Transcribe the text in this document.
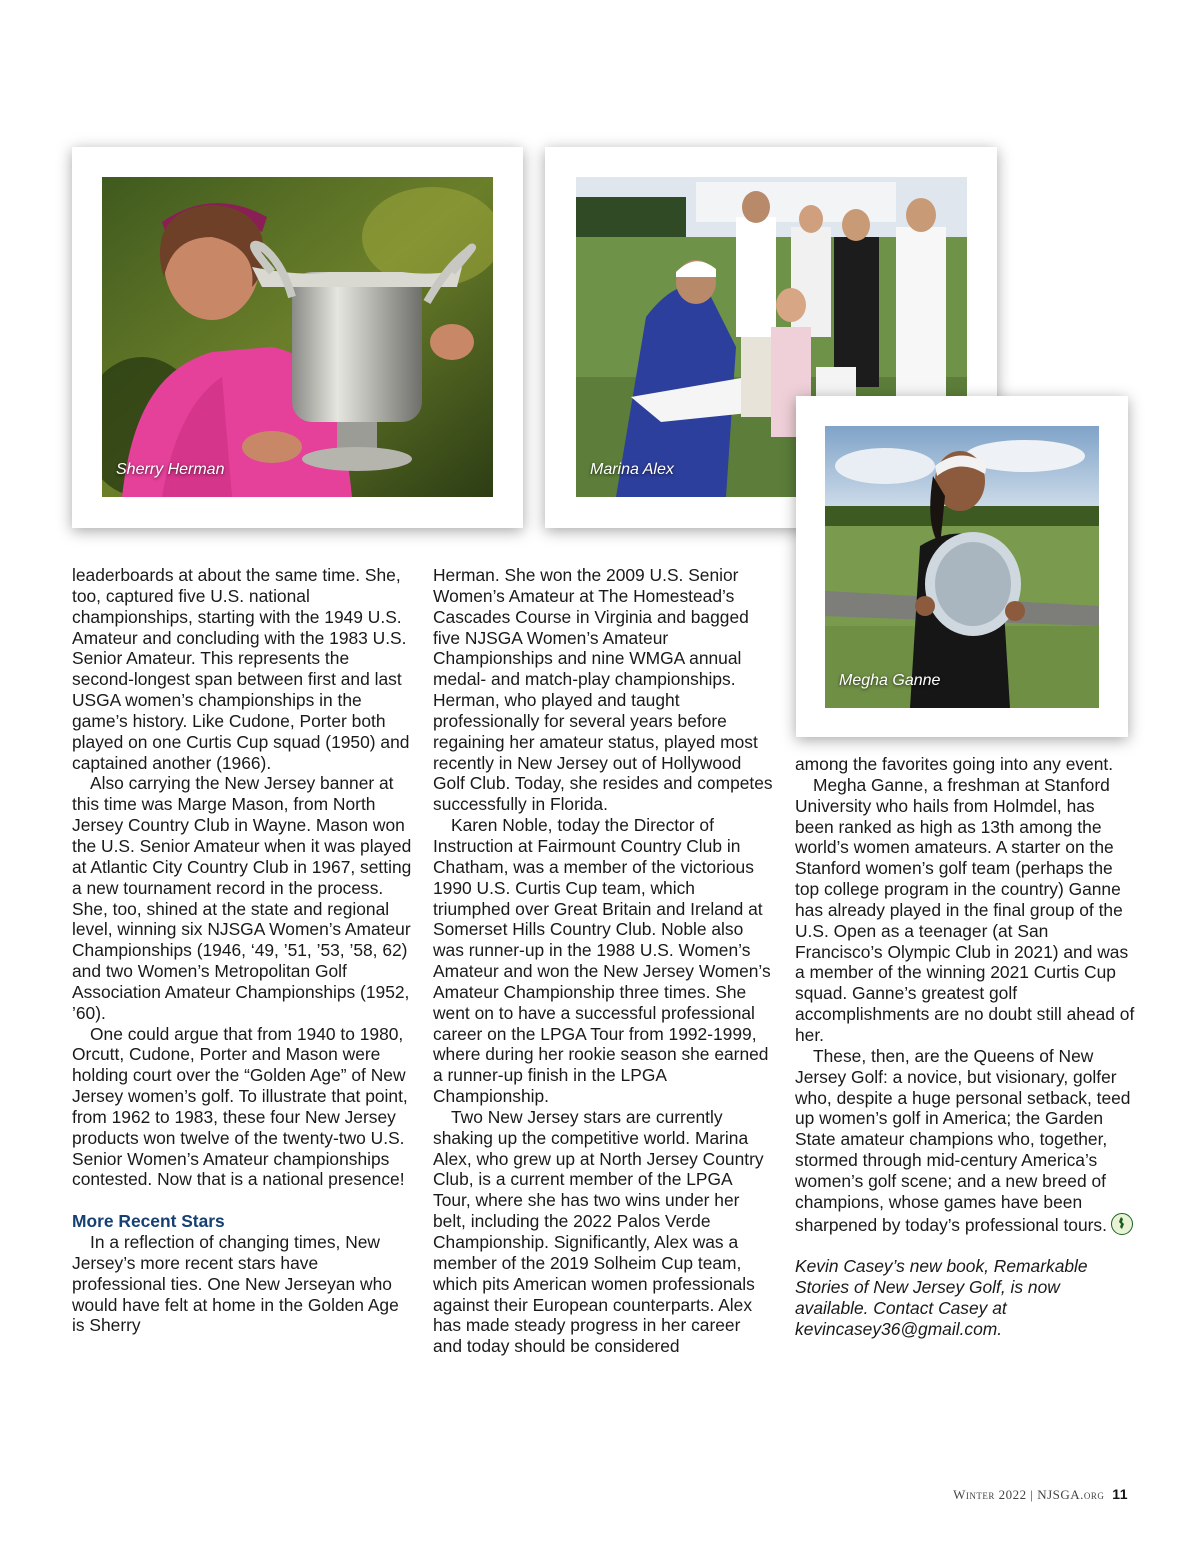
Sherry Herman	Marina Alex
Megha Ganne

leaderboards at about the same time. She, too, captured five U.S. national championships, starting with the 1949 U.S. Amateur and concluding with the 1983 U.S. Senior Amateur. This represents the second-longest span between first and last USGA women’s championships in the game’s history. Like Cudone, Porter both played on one Curtis Cup squad (1950) and captained another (1966).

Also carrying the New Jersey banner at this time was Marge Mason, from North Jersey Country Club in Wayne. Mason won the U.S. Senior Amateur when it was played at Atlantic City Country Club in 1967, setting a new tournament record in the process. She, too, shined at the state and regional level, winning six NJSGA Women’s Amateur Championships (1946, ‘49, ’51, ’53, ’58, 62) and two Women’s Metropolitan Golf Association Amateur Championships (1952, ’60).

One could argue that from 1940 to 1980, Orcutt, Cudone, Porter and Mason were holding court over the “Golden Age” of New Jersey women’s golf. To illustrate that point, from 1962 to 1983, these four New Jersey products won twelve of the twenty-two U.S. Senior Women’s Amateur championships contested. Now that is a national presence!

More Recent Stars

In a reflection of changing times, New Jersey’s more recent stars have professional ties. One New Jerseyan who would have felt at home in the Golden Age is Sherry

Herman. She won the 2009 U.S. Senior Women’s Amateur at The Homestead’s Cascades Course in Virginia and bagged five NJSGA Women’s Amateur Championships and nine WMGA annual medal- and match-play championships. Herman, who played and taught professionally for several years before regaining her amateur status, played most recently in New Jersey out of Hollywood Golf Club. Today, she resides and competes successfully in Florida.

Karen Noble, today the Director of Instruction at Fairmount Country Club in Chatham, was a member of the victorious 1990 U.S. Curtis Cup team, which triumphed over Great Britain and Ireland at Somerset Hills Country Club. Noble also was runner-up in the 1988 U.S. Women’s Amateur and won the New Jersey Women’s Amateur Championship three times. She went on to have a successful professional career on the LPGA Tour from 1992-1999, where during her rookie season she earned a runner-up finish in the LPGA Championship.

Two New Jersey stars are currently shaking up the competitive world. Marina Alex, who grew up at North Jersey Country Club, is a current member of the LPGA Tour, where she has two wins under her belt, including the 2022 Palos Verde Championship. Significantly, Alex was a member of the 2019 Solheim Cup team, which pits American women professionals against their European counterparts. Alex has made steady progress in her career and today should be considered

among the favorites going into any event.

Megha Ganne, a freshman at Stanford University who hails from Holmdel, has been ranked as high as 13th among the world’s women amateurs. A starter on the Stanford women’s golf team (perhaps the top college program in the country) Ganne has already played in the final group of the U.S. Open as a teenager (at San Francisco’s Olympic Club in 2021) and was a member of the winning 2021 Curtis Cup squad. Ganne’s greatest golf accomplishments are no doubt still ahead of her.

These, then, are the Queens of New Jersey Golf: a novice, but visionary, golfer who, despite a huge personal setback, teed up women’s golf in America; the Garden State amateur champions who, together, stormed through mid-century America’s women’s golf scene; and a new breed of champions, whose games have been sharpened by today’s professional tours.

Kevin Casey’s new book, Remarkable Stories of New Jersey Golf, is now available. Contact Casey at kevincasey36@gmail.com.

Winter 2022 | NJSGA.org 11
